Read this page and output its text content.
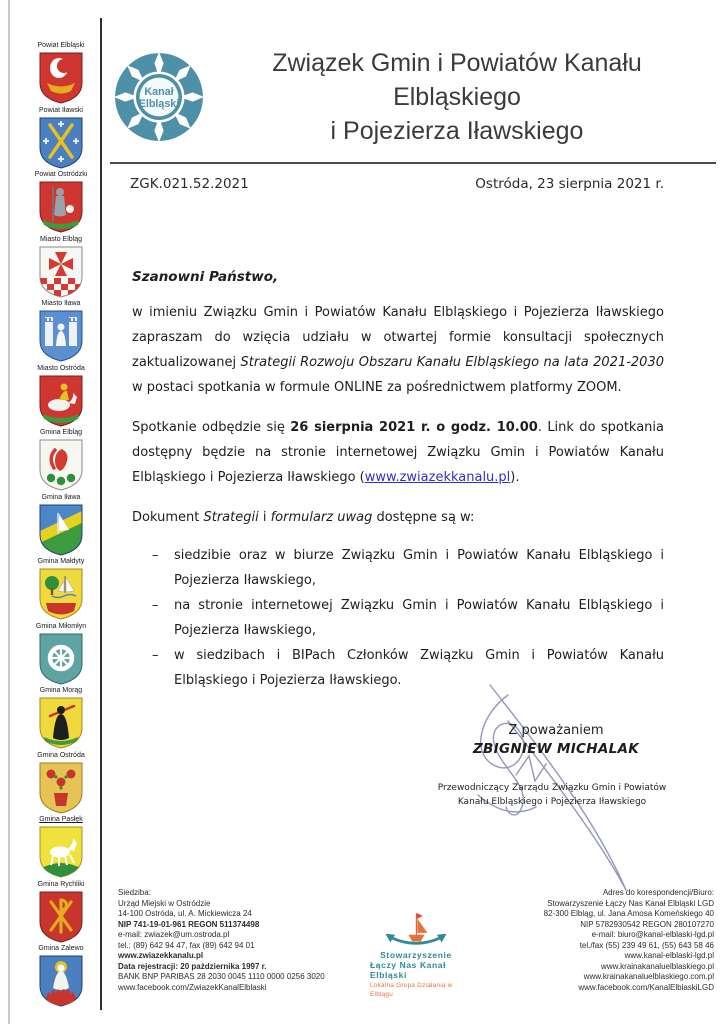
Powiat Elbląski
Powiat Iławski
Powiat Ostródzki
Miasto Elbląg
Miasto Iława
Miasto Ostróda
Gmina Elbląg
Gmina Iława
Gmina Małdyty
Gmina Miłomłyn
Gmina Morąg
Gmina Ostróda
Gmina Pasłęk
Gmina Rychliki
Gmina Zalewo
Kanał
Elbląski
Związek Gmin i Powiatów Kanału Elbląskiego
i Pojezierza Iławskiego
ZGK.021.52.2021	Ostróda, 23 sierpnia 2021 r.
Szanowni Państwo,

w imieniu Związku Gmin i Powiatów Kanału Elbląskiego i Pojezierza Iławskiego zapraszam do wzięcia udziału w otwartej formie konsultacji społecznych zaktualizowanej Strategii Rozwoju Obszaru Kanału Elbląskiego na lata 2021-2030 w postaci spotkania w formule ONLINE za pośrednictwem platformy ZOOM.

Spotkanie odbędzie się 26 sierpnia 2021 r. o godz. 10.00. Link do spotkania dostępny będzie na stronie internetowej Związku Gmin i Powiatów Kanału Elbląskiego i Pojezierza Iławskiego (www.zwiazekkanalu.pl).

Dokument Strategii i formularz uwag dostępne są w:

–	siedzibie oraz w biurze Związku Gmin i Powiatów Kanału Elbląskiego i Pojezierza Iławskiego,
–	na stronie internetowej Związku Gmin i Powiatów Kanału Elbląskiego i Pojezierza Iławskiego,
–	w siedzibach i BIPach Członków Związku Gmin i Powiatów Kanału Elbląskiego i Pojezierza Iławskiego.
Z poważaniem
ZBIGNIEW MICHALAK
Przewodniczący Zarządu Związku Gmin i Powiatów
Kanału Elbląskiego i Pojezierza Iławskiego
Siedziba:
Urząd Miejski w Ostródzie
14-100 Ostróda, ul. A. Mickiewicza 24
NIP 741-19-01-961 REGON 511374498
e-mail: zwiazek@um.ostroda.pl
tel.: (89) 642 94 47, fax (89) 642 94 01
www.zwiazekkanalu.pl
Data rejestracji: 20 października 1997 r.
BANK BNP PARIBAS 28 2030 0045 1110 0000 0256 3020
www.facebook.com/ZwiazekKanalElblaski
Stowarzyszenie
Łączy Nas Kanał Elbląski
Lokalna Grupa Działania w Elblągu
Adres do korespondencji/Biuro:
Stowarzyszenie Łączy Nas Kanał Elbląski LGD
82-300 Elbląg, ul. Jana Amosa Komeńskiego 40
NIP 5782930542 REGON 280107270
e-mail: biuro@kanal-elblaski-lgd.pl
tel./fax (55) 239 49 61, (55) 643 58 46
www.kanal-elblaski-lgd.pl
www.krainakanaluelblaskiego.pl
www.krainakanaluelblaskiego.com.pl
www.facebook.com/KanalElblaskiLGD
